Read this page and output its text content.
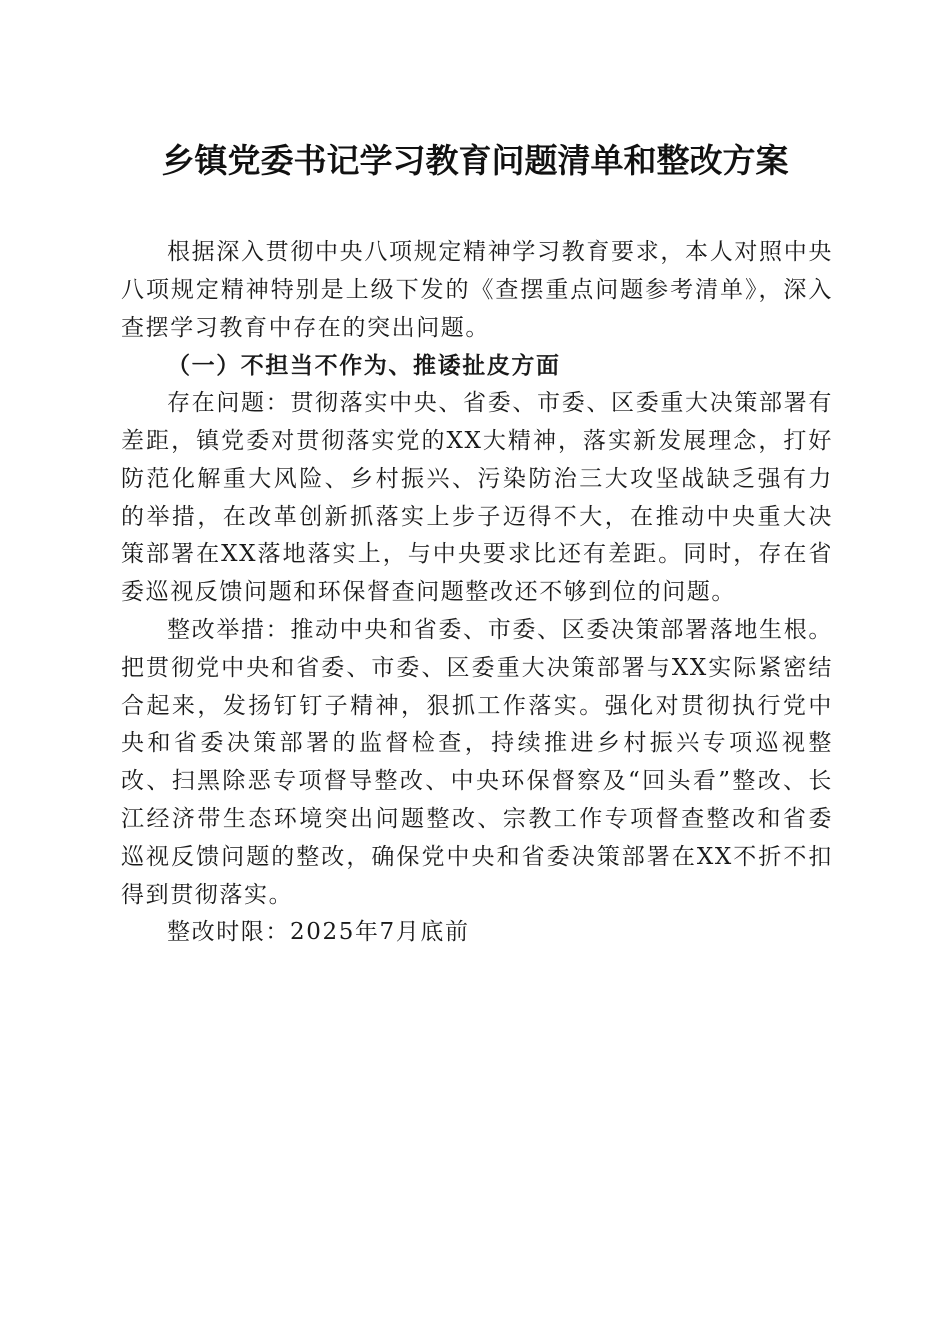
乡镇党委书记学习教育问题清单和整改方案

根据深入贯彻中央八项规定精神学习教育要求，本人对照中央八项规定精神特别是上级下发的《查摆重点问题参考清单》，深入查摆学习教育中存在的突出问题。

（一）不担当不作为、推诿扯皮方面

存在问题：贯彻落实中央、省委、市委、区委重大决策部署有差距，镇党委对贯彻落实党的XX大精神，落实新发展理念，打好防范化解重大风险、乡村振兴、污染防治三大攻坚战缺乏强有力的举措，在改革创新抓落实上步子迈得不大，在推动中央重大决策部署在XX落地落实上，与中央要求比还有差距。同时，存在省委巡视反馈问题和环保督查问题整改还不够到位的问题。

整改举措：推动中央和省委、市委、区委决策部署落地生根。把贯彻党中央和省委、市委、区委重大决策部署与XX实际紧密结合起来，发扬钉钉子精神，狠抓工作落实。强化对贯彻执行党中央和省委决策部署的监督检查，持续推进乡村振兴专项巡视整改、扫黑除恶专项督导整改、中央环保督察及“回头看”整改、长江经济带生态环境突出问题整改、宗教工作专项督查整改和省委巡视反馈问题的整改，确保党中央和省委决策部署在XX不折不扣得到贯彻落实。

整改时限：2025年7月底前
